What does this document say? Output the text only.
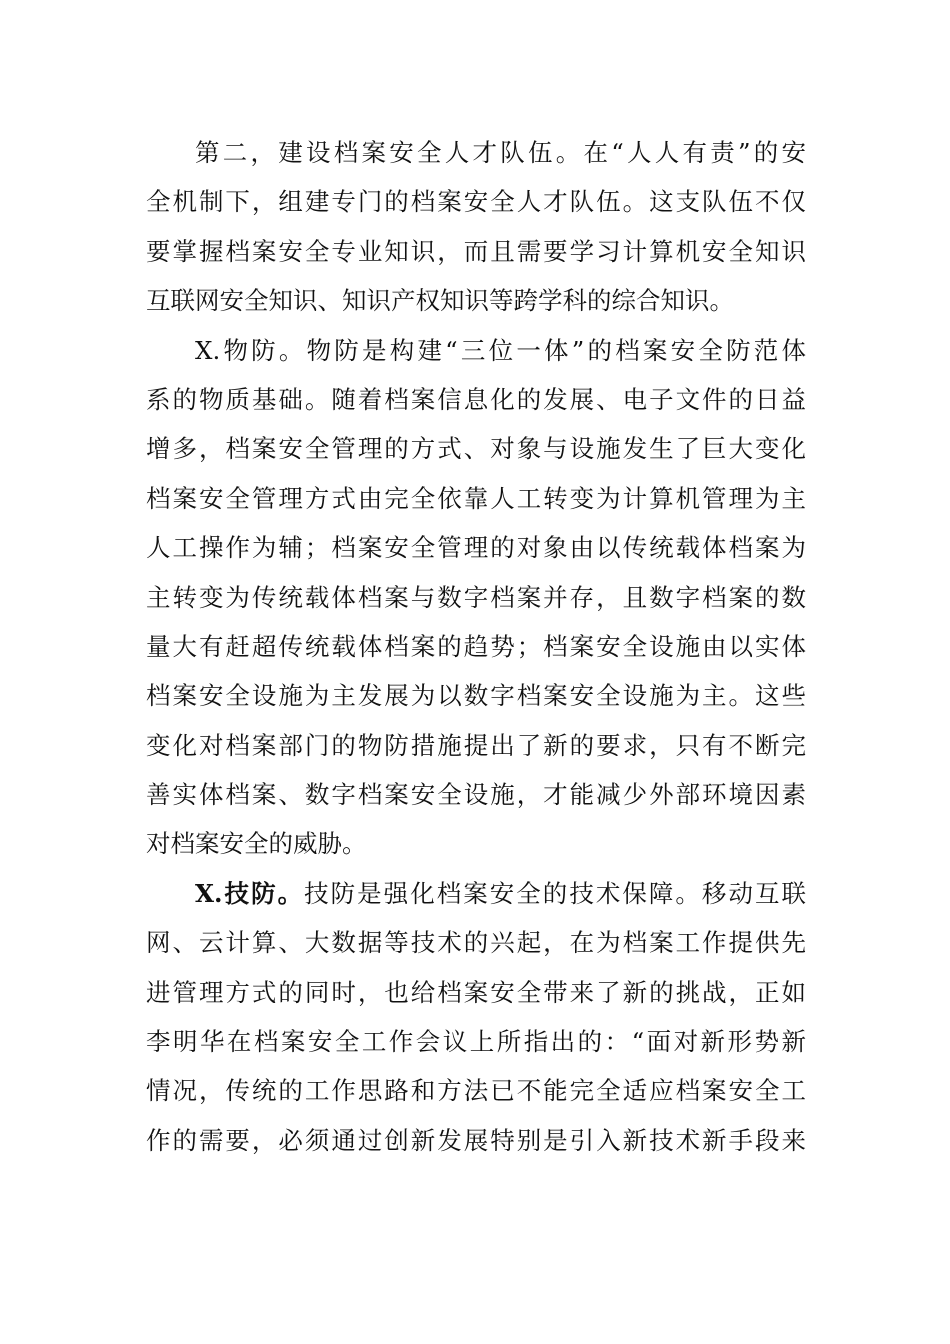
第二，建设档案安全人才队伍。在“人人有责”的安
全机制下，组建专门的档案安全人才队伍。这支队伍不仅
要掌握档案安全专业知识，而且需要学习计算机安全知识
互联网安全知识、知识产权知识等跨学科的综合知识。
X.物防。物防是构建“三位一体”的档案安全防范体
系的物质基础。随着档案信息化的发展、电子文件的日益
增多，档案安全管理的方式、对象与设施发生了巨大变化
档案安全管理方式由完全依靠人工转变为计算机管理为主
人工操作为辅；档案安全管理的对象由以传统载体档案为
主转变为传统载体档案与数字档案并存，且数字档案的数
量大有赶超传统载体档案的趋势；档案安全设施由以实体
档案安全设施为主发展为以数字档案安全设施为主。这些
变化对档案部门的物防措施提出了新的要求，只有不断完
善实体档案、数字档案安全设施，才能减少外部环境因素
对档案安全的威胁。
X.技防。技防是强化档案安全的技术保障。移动互联
网、云计算、大数据等技术的兴起，在为档案工作提供先
进管理方式的同时，也给档案安全带来了新的挑战，正如
李明华在档案安全工作会议上所指出的：“面对新形势新
情况，传统的工作思路和方法已不能完全适应档案安全工
作的需要，必须通过创新发展特别是引入新技术新手段来
